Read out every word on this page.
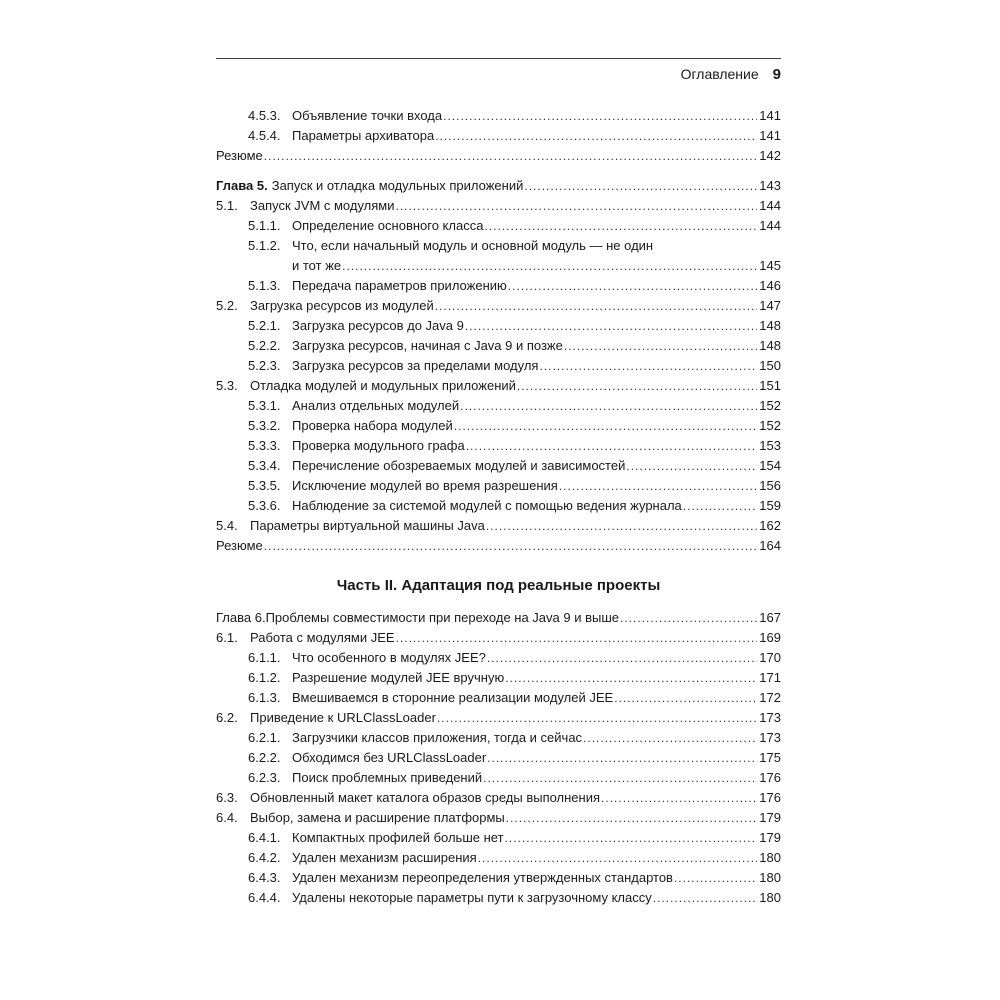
Оглавление 9
4.5.3. Объявление точки входа .....	141
4.5.4. Параметры архиватора .....	141
Резюме .....	142
Глава 5. Запуск и отладка модульных приложений .....	143
5.1. Запуск JVM с модулями .....	144
5.1.1. Определение основного класса .....	144
5.1.2. Что, если начальный модуль и основной модуль — не один
и тот же .....	145
5.1.3. Передача параметров приложению .....	146
5.2. Загрузка ресурсов из модулей .....	147
5.2.1. Загрузка ресурсов до Java 9 .....	148
5.2.2. Загрузка ресурсов, начиная с Java 9 и позже .....	148
5.2.3. Загрузка ресурсов за пределами модуля .....	150
5.3. Отладка модулей и модульных приложений .....	151
5.3.1. Анализ отдельных модулей .....	152
5.3.2. Проверка набора модулей .....	152
5.3.3. Проверка модульного графа .....	153
5.3.4. Перечисление обозреваемых модулей и зависимостей .....	154
5.3.5. Исключение модулей во время разрешения .....	156
5.3.6. Наблюдение за системой модулей с помощью ведения журнала .....	159
5.4. Параметры виртуальной машины Java .....	162
Резюме .....	164
Часть II. Адаптация под реальные проекты
Глава 6.Проблемы совместимости при переходе на Java 9 и выше .....	167
6.1. Работа с модулями JEE .....	169
6.1.1. Что особенного в модулях JEE? .....	170
6.1.2. Разрешение модулей JEE вручную .....	171
6.1.3. Вмешиваемся в сторонние реализации модулей JEE .....	172
6.2. Приведение к URLClassLoader .....	173
6.2.1. Загрузчики классов приложения, тогда и сейчас .....	173
6.2.2. Обходимся без URLClassLoader .....	175
6.2.3. Поиск проблемных приведений .....	176
6.3. Обновленный макет каталога образов среды выполнения .....	176
6.4. Выбор, замена и расширение платформы .....	179
6.4.1. Компактных профилей больше нет .....	179
6.4.2. Удален механизм расширения .....	180
6.4.3. Удален механизм переопределения утвержденных стандартов .....	180
6.4.4. Удалены некоторые параметры пути к загрузочному классу .....	180
